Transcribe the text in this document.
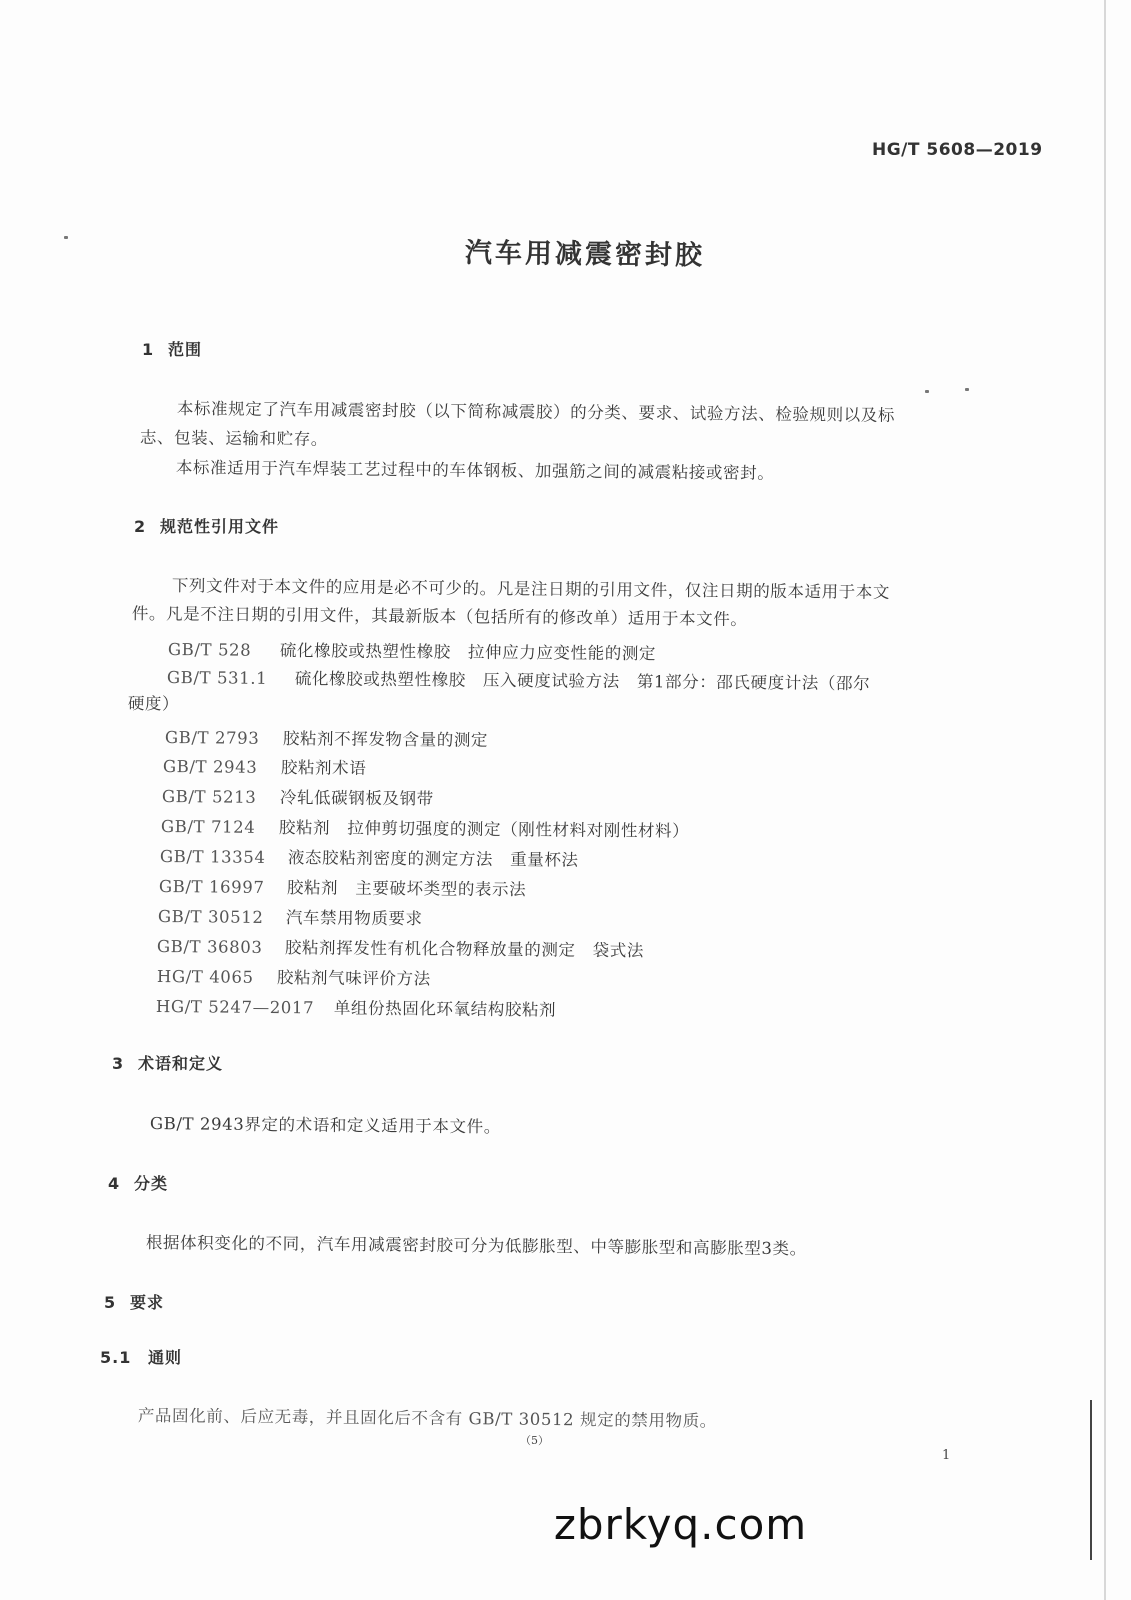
HG/T 5608—2019
汽车用减震密封胶
1 范围
本标准规定了汽车用减震密封胶（以下简称减震胶）的分类、要求、试验方法、检验规则以及标
志、包装、运输和贮存。
本标准适用于汽车焊装工艺过程中的车体钢板、加强筋之间的减震粘接或密封。
2 规范性引用文件
下列文件对于本文件的应用是必不可少的。凡是注日期的引用文件，仅注日期的版本适用于本文
件。凡是不注日期的引用文件，其最新版本（包括所有的修改单）适用于本文件。
GB/T 528 硫化橡胶或热塑性橡胶　拉伸应力应变性能的测定
GB/T 531.1 硫化橡胶或热塑性橡胶　压入硬度试验方法　第1部分：邵氏硬度计法（邵尔
硬度）
GB/T 2793 胶粘剂不挥发物含量的测定
GB/T 2943 胶粘剂术语
GB/T 5213 冷轧低碳钢板及钢带
GB/T 7124 胶粘剂　拉伸剪切强度的测定（刚性材料对刚性材料）
GB/T 13354 液态胶粘剂密度的测定方法　重量杯法
GB/T 16997 胶粘剂　主要破坏类型的表示法
GB/T 30512 汽车禁用物质要求
GB/T 36803 胶粘剂挥发性有机化合物释放量的测定　袋式法
HG/T 4065 胶粘剂气味评价方法
HG/T 5247—2017 单组份热固化环氧结构胶粘剂
3 术语和定义
GB/T 2943界定的术语和定义适用于本文件。
4 分类
根据体积变化的不同，汽车用减震密封胶可分为低膨胀型、中等膨胀型和高膨胀型3类。
5 要求
5.1 通则
产品固化前、后应无毒，并且固化后不含有 GB/T 30512 规定的禁用物质。
（5）
1
zbrkyq.com
